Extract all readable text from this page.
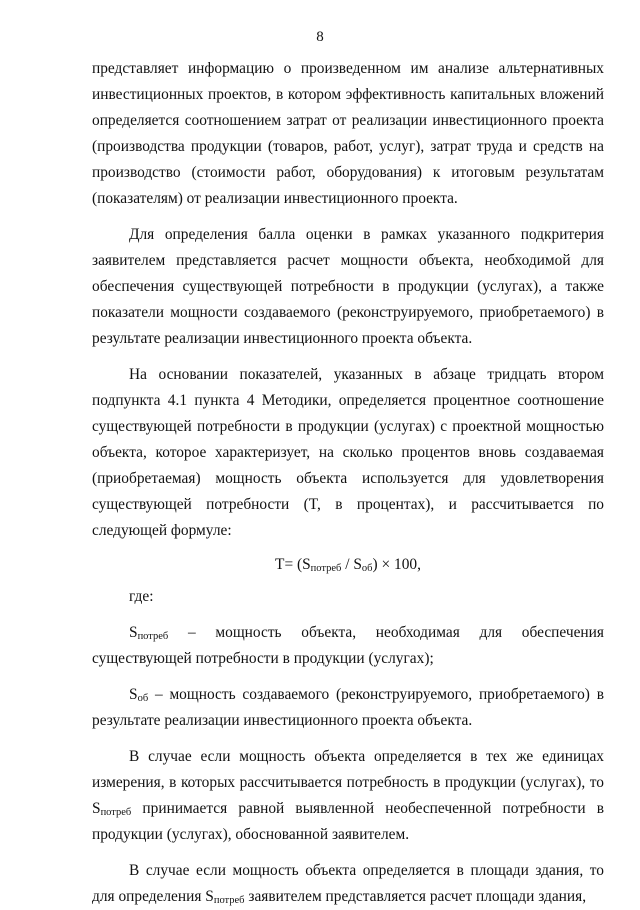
8

представляет информацию о произведенном им анализе альтернативных инвестиционных проектов, в котором эффективность капитальных вложений определяется соотношением затрат от реализации инвестиционного проекта (производства продукции (товаров, работ, услуг), затрат труда и средств на производство (стоимости работ, оборудования) к итоговым результатам (показателям) от реализации инвестиционного проекта.

Для определения балла оценки в рамках указанного подкритерия заявителем представляется расчет мощности объекта, необходимой для обеспечения существующей потребности в продукции (услугах), а также показатели мощности создаваемого (реконструируемого, приобретаемого) в результате реализации инвестиционного проекта объекта.

На основании показателей, указанных в абзаце тридцать втором подпункта 4.1 пункта 4 Методики, определяется процентное соотношение существующей потребности в продукции (услугах) с проектной мощностью объекта, которое характеризует, на сколько процентов вновь создаваемая (приобретаемая) мощность объекта используется для удовлетворения существующей потребности (T, в процентах), и рассчитывается по следующей формуле:

$T= (S_{потреб} / S_{об}) \times 100$,

где:

$S_{потреб}$ – мощность объекта, необходимая для обеспечения существующей потребности в продукции (услугах);

$S_{об}$ – мощность создаваемого (реконструируемого, приобретаемого) в результате реализации инвестиционного проекта объекта.

В случае если мощность объекта определяется в тех же единицах измерения, в которых рассчитывается потребность в продукции (услугах), то $S_{потреб}$ принимается равной выявленной необеспеченной потребности в продукции (услугах), обоснованной заявителем.

В случае если мощность объекта определяется в площади здания, то для определения $S_{потреб}$ заявителем представляется расчет площади здания,
